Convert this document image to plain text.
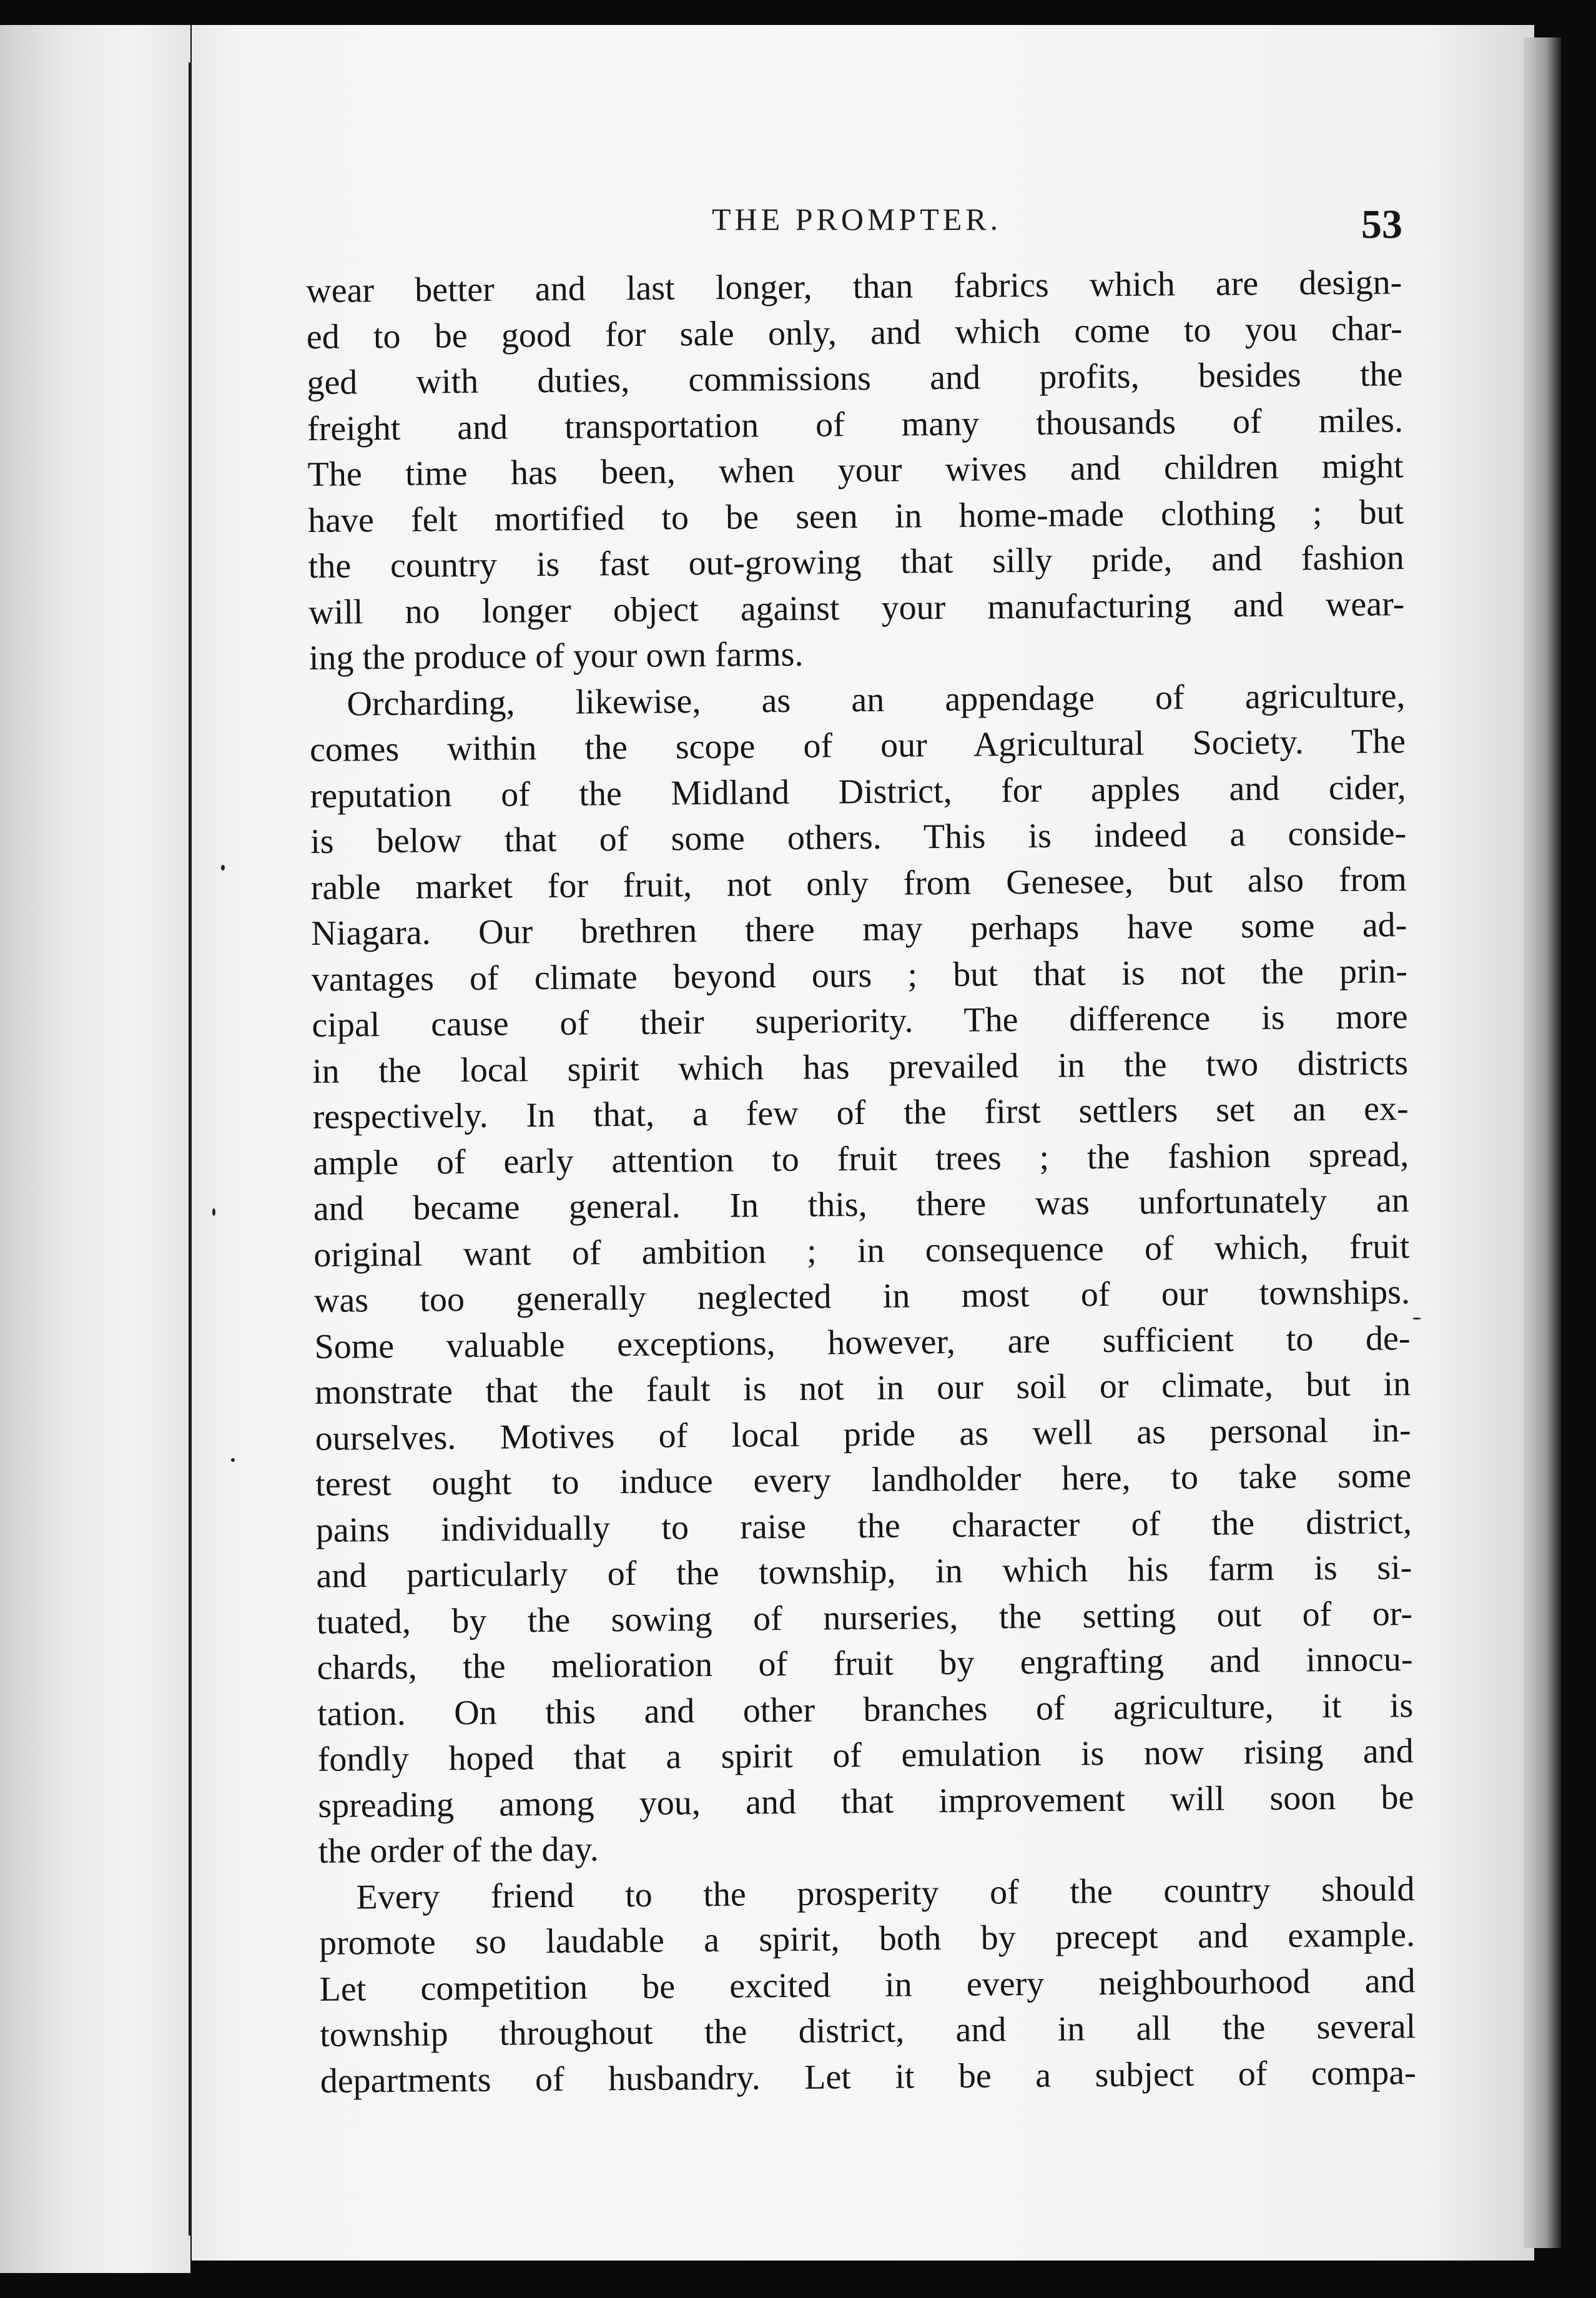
THE PROMPTER.	53
wear better and last longer, than fabrics which are design-
ed to be good for sale only, and which come to you char-
ged with duties, commissions and profits, besides the
freight and transportation of many thousands of miles.
The time has been, when your wives and children might
have felt mortified to be seen in home-made clothing ; but
the country is fast out-growing that silly pride, and fashion
will no longer object against your manufacturing and wear-
ing the produce of your own farms.
Orcharding, likewise, as an appendage of agriculture,
comes within the scope of our Agricultural Society. The
reputation of the Midland District, for apples and cider,
is below that of some others. This is indeed a conside-
rable market for fruit, not only from Genesee, but also from
Niagara. Our brethren there may perhaps have some ad-
vantages of climate beyond ours ; but that is not the prin-
cipal cause of their superiority. The difference is more
in the local spirit which has prevailed in the two districts
respectively. In that, a few of the first settlers set an ex-
ample of early attention to fruit trees ; the fashion spread,
and became general. In this, there was unfortunately an
original want of ambition ; in consequence of which, fruit
was too generally neglected in most of our townships.
Some valuable exceptions, however, are sufficient to de-
monstrate that the fault is not in our soil or climate, but in
ourselves. Motives of local pride as well as personal in-
terest ought to induce every landholder here, to take some
pains individually to raise the character of the district,
and particularly of the township, in which his farm is si-
tuated, by the sowing of nurseries, the setting out of or-
chards, the melioration of fruit by engrafting and innocu-
tation. On this and other branches of agriculture, it is
fondly hoped that a spirit of emulation is now rising and
spreading among you, and that improvement will soon be
the order of the day.
Every friend to the prosperity of the country should
promote so laudable a spirit, both by precept and example.
Let competition be excited in every neighbourhood and
township throughout the district, and in all the several
departments of husbandry. Let it be a subject of compa-
